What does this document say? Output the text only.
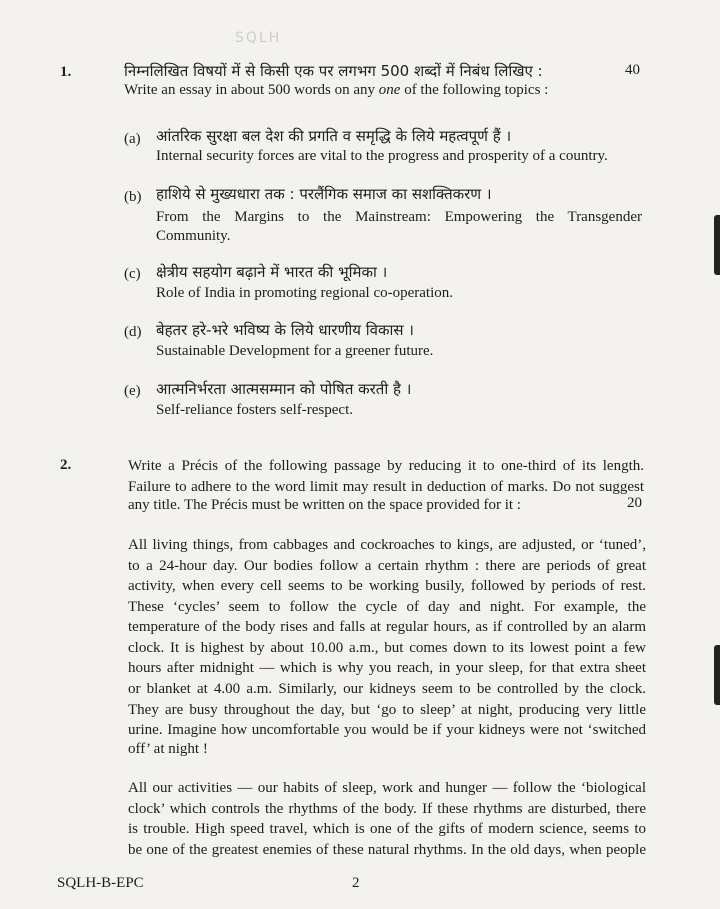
SQLH
1.	निम्नलिखित विषयों में से किसी एक पर लगभग 500 शब्दों में निबंध लिखिए :	40
Write an essay in about 500 words on any one of the following topics :
(a) आंतरिक सुरक्षा बल देश की प्रगति व समृद्धि के लिये महत्वपूर्ण हैं ।
Internal security forces are vital to the progress and prosperity of a country.
(b) हाशिये से मुख्यधारा तक : परलैंगिक समाज का सशक्तिकरण ।
From the Margins to the Mainstream: Empowering the Transgender
Community.
(c) क्षेत्रीय सहयोग बढ़ाने में भारत की भूमिका ।
Role of India in promoting regional co-operation.
(d) बेहतर हरे-भरे भविष्य के लिये धारणीय विकास ।
Sustainable Development for a greener future.
(e) आत्मनिर्भरता आत्मसम्मान को पोषित करती है ।
Self-reliance fosters self-respect.
2.	Write a Précis of the following passage by reducing it to one-third of its length.
Failure to adhere to the word limit may result in deduction of marks. Do not suggest
any title. The Précis must be written on the space provided for it :	20
All living things, from cabbages and cockroaches to kings, are adjusted, or ‘tuned’,
to a 24-hour day. Our bodies follow a certain rhythm : there are periods of great
activity, when every cell seems to be working busily, followed by periods of rest.
These ‘cycles’ seem to follow the cycle of day and night. For example, the
temperature of the body rises and falls at regular hours, as if controlled by an alarm
clock. It is highest by about 10.00 a.m., but comes down to its lowest point a few
hours after midnight — which is why you reach, in your sleep, for that extra sheet
or blanket at 4.00 a.m. Similarly, our kidneys seem to be controlled by the clock.
They are busy throughout the day, but ‘go to sleep’ at night, producing very little
urine. Imagine how uncomfortable you would be if your kidneys were not ‘switched
off’ at night !
All our activities — our habits of sleep, work and hunger — follow the ‘biological
clock’ which controls the rhythms of the body. If these rhythms are disturbed, there
is trouble. High speed travel, which is one of the gifts of modern science, seems to
be one of the greatest enemies of these natural rhythms. In the old days, when people
SQLH-B-EPC	2
